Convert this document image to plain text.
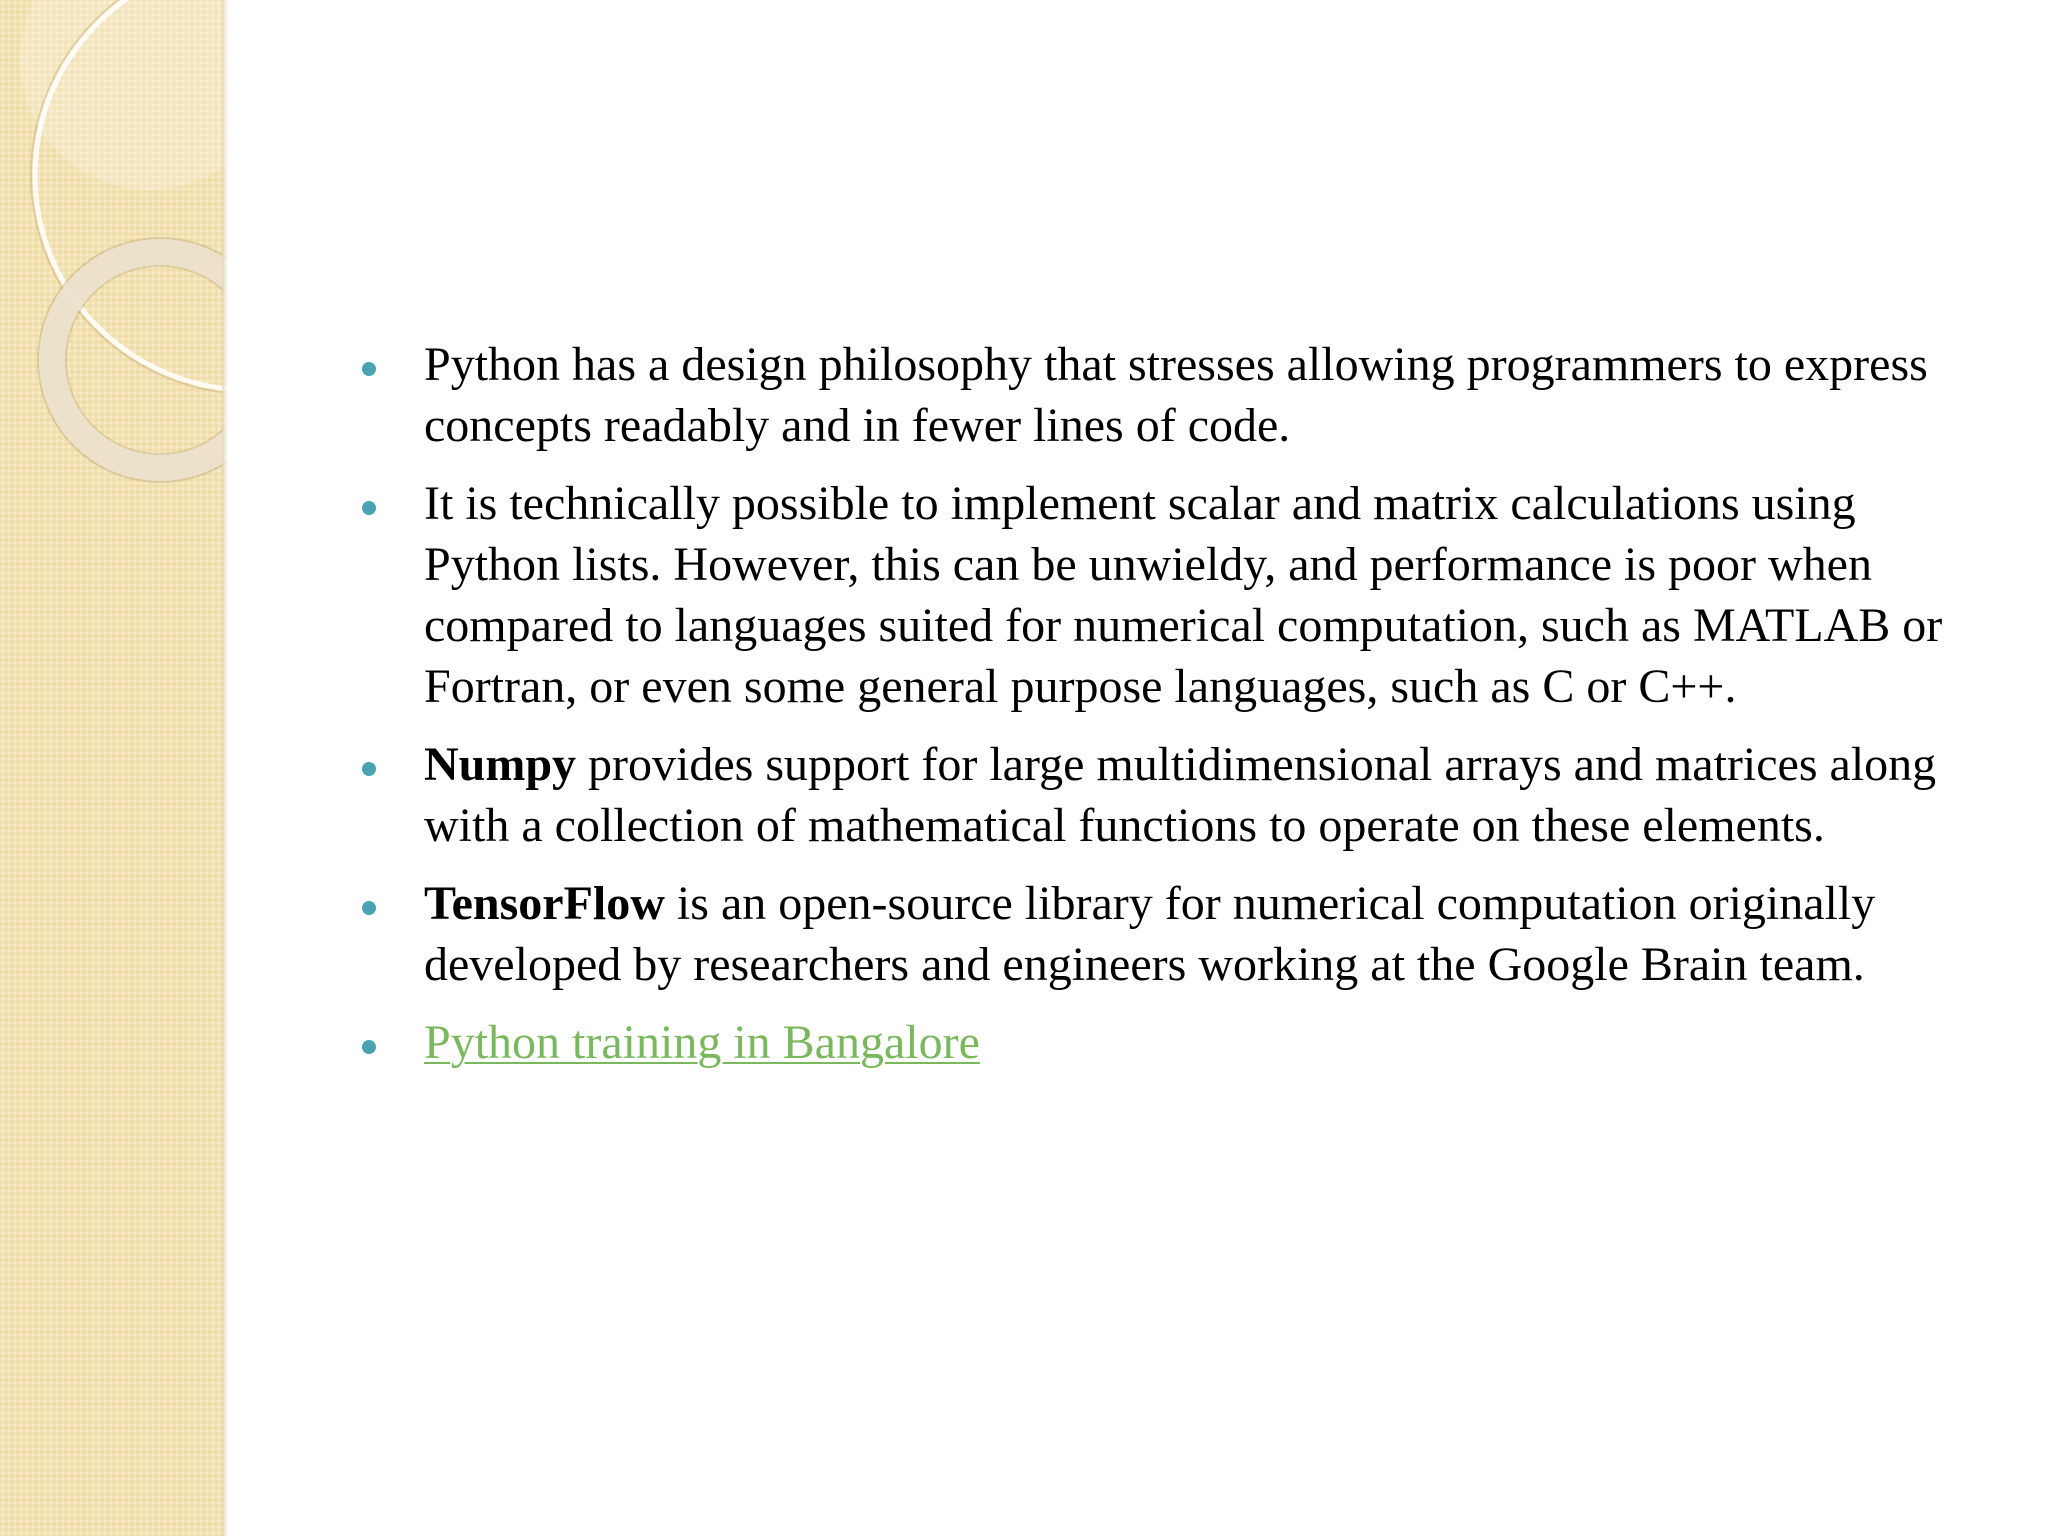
Python has a design philosophy that stresses allowing programmers to express concepts readably and in fewer lines of code.
It is technically possible to implement scalar and matrix calculations using Python lists. However, this can be unwieldy, and performance is poor when compared to languages suited for numerical computation, such as MATLAB or Fortran, or even some general purpose languages, such as C or C++.
Numpy provides support for large multidimensional arrays and matrices along with a collection of mathematical functions to operate on these elements.
TensorFlow is an open-source library for numerical computation originally developed by researchers and engineers working at the Google Brain team.
Python training in Bangalore
